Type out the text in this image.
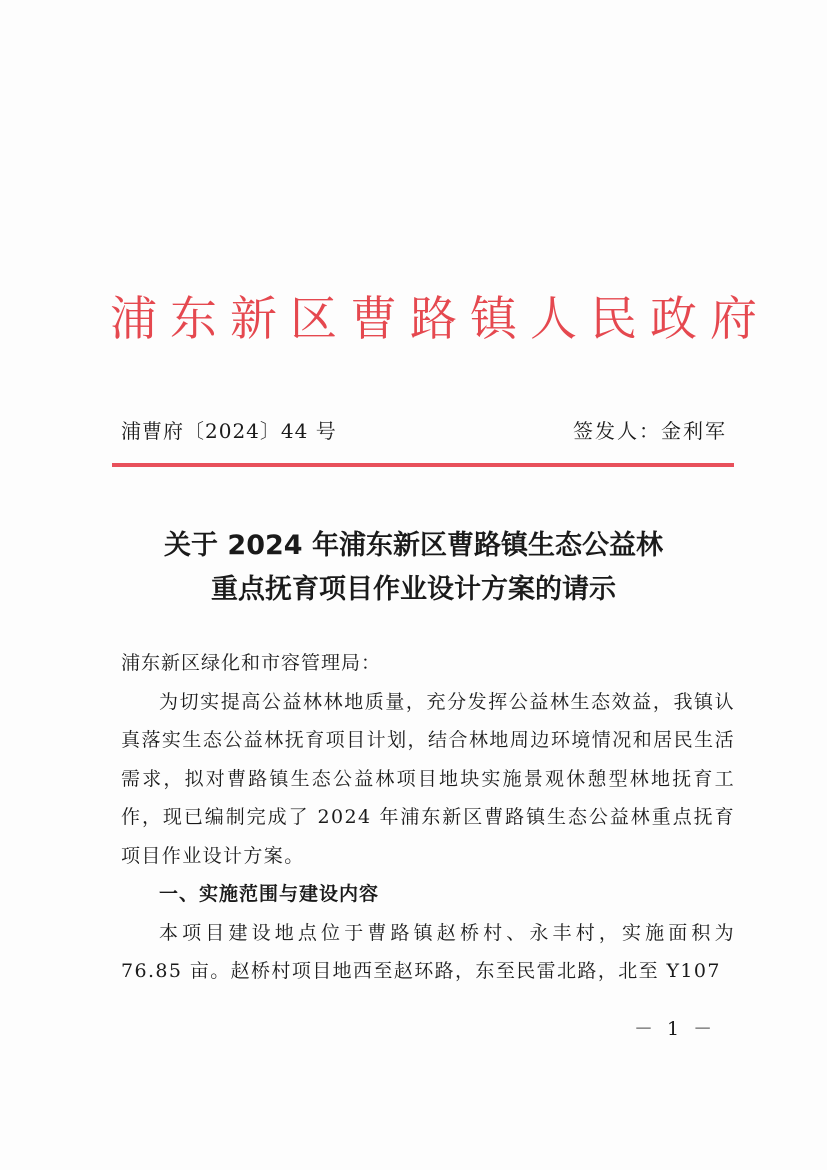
浦东新区曹路镇人民政府
浦曹府〔2024〕44 号	签发人：金利军
关于 2024 年浦东新区曹路镇生态公益林
重点抚育项目作业设计方案的请示
浦东新区绿化和市容管理局：
为切实提高公益林林地质量，充分发挥公益林生态效益，我镇认真落实生态公益林抚育项目计划，结合林地周边环境情况和居民生活需求，拟对曹路镇生态公益林项目地块实施景观休憩型林地抚育工作，现已编制完成了 2024 年浦东新区曹路镇生态公益林重点抚育项目作业设计方案。
一、实施范围与建设内容
本项目建设地点位于曹路镇赵桥村、永丰村，实施面积为 76.85 亩。赵桥村项目地西至赵环路，东至民雷北路，北至 Y107
－ 1 －
